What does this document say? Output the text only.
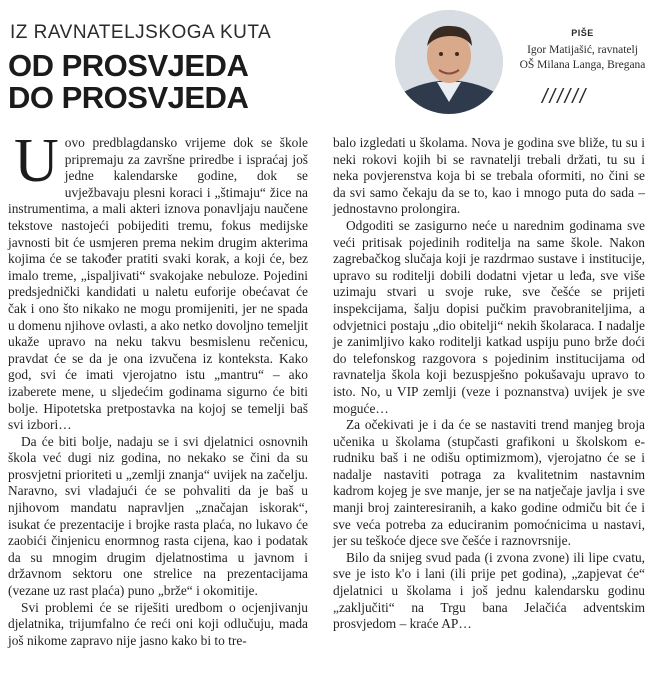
IZ RAVNATELJSKOGA KUTA
OD PROSVJEDA
DO PROSVJEDA
PIŠE
Igor Matijašić, ravnatelj
OŠ Milana Langa, Bregana
//////

Uovo predblagdansko vrijeme dok se škole pripremaju za završne priredbe i ispraćaj još jedne kalendarske godine, dok se uvježbavaju plesni koraci i „štimaju“ žice na instrumentima, a mali akteri iznova ponavljaju naučene tekstove nastojeći pobijediti tremu, fokus medijske javnosti bit će usmjeren prema nekim drugim akterima kojima će se također pratiti svaki korak, a koji će, bez imalo treme, „ispaljivati“ svakojake nebuloze. Pojedini predsjednički kandidati u naletu euforije obećavat će čak i ono što nikako ne mogu promijeniti, jer ne spada u domenu njihove ovlasti, a ako netko dovoljno temeljit ukaže upravo na neku takvu besmislenu rečenicu, pravdat će se da je ona izvučena iz konteksta. Kako god, svi će imati vjerojatno istu „mantru“ – ako izaberete mene, u sljedećim godinama sigurno će biti bolje. Hipotetska pretpostavka na kojoj se temelji baš svi izbori…

Da će biti bolje, nadaju se i svi djelatnici osnovnih škola već dugi niz godina, no nekako se čini da su prosvjetni prioriteti u „zemlji znanja“ uvijek na začelju. Naravno, svi vladajući će se pohvaliti da je baš u njihovom mandatu napravljen „značajan iskorak“, isukat će prezentacije i brojke rasta plaća, no lukavo će zaobići činjenicu enormnog rasta cijena, kao i podatak da su mnogim drugim djelatnostima u javnom i državnom sektoru one strelice na prezentacijama (vezane uz rast plaća) puno „brže“ i okomitije.

Svi problemi će se riješiti uredbom o ocjenjivanju djelatnika, trijumfalno će reći oni koji odlučuju, mada još nikome zapravo nije jasno kako bi to tre-

balo izgledati u školama. Nova je godina sve bliže, tu su i neki rokovi kojih bi se ravnatelji trebali držati, tu su i neka povjerenstva koja bi se trebala oformiti, no čini se da svi samo čekaju da se to, kao i mnogo puta do sada – jednostavno prolongira.

Odgoditi se zasigurno neće u narednim godinama sve veći pritisak pojedinih roditelja na same škole. Nakon zagrebačkog slučaja koji je razdrmao sustave i institucije, upravo su roditelji dobili dodatni vjetar u leđa, sve više uzimaju stvari u svoje ruke, sve češće se prijeti inspekcijama, šalju dopisi pučkim pravobraniteljima, a odvjetnici postaju „dio obitelji“ nekih školaraca. I nadalje je zanimljivo kako roditelji katkad uspiju puno brže doći do telefonskog razgovora s pojedinim institucijama od ravnatelja škola koji bezuspješno pokušavaju upravo to isto. No, u VIP zemlji (veze i poznanstva) uvijek je sve moguće…

Za očekivati je i da će se nastaviti trend manjeg broja učenika u školama (stupčasti grafikoni u školskom e-rudniku baš i ne odišu optimizmom), vjerojatno će se i nadalje nastaviti potraga za kvalitetnim nastavnim kadrom kojeg je sve manje, jer se na natječaje javlja i sve manji broj zainteresiranih, a kako godine odmiču bit će i sve veća potreba za educiranim pomoćnicima u nastavi, jer su teškoće djece sve češće i raznovrsnije.

Bilo da snijeg svud pada (i zvona zvone) ili lipe cvatu, sve je isto k'o i lani (ili prije pet godina), „zapjevat će“ djelatnici u školama i još jednu kalendarsku godinu „zaključiti“ na Trgu bana Jelačića adventskim prosvjedom – kraće AP…
